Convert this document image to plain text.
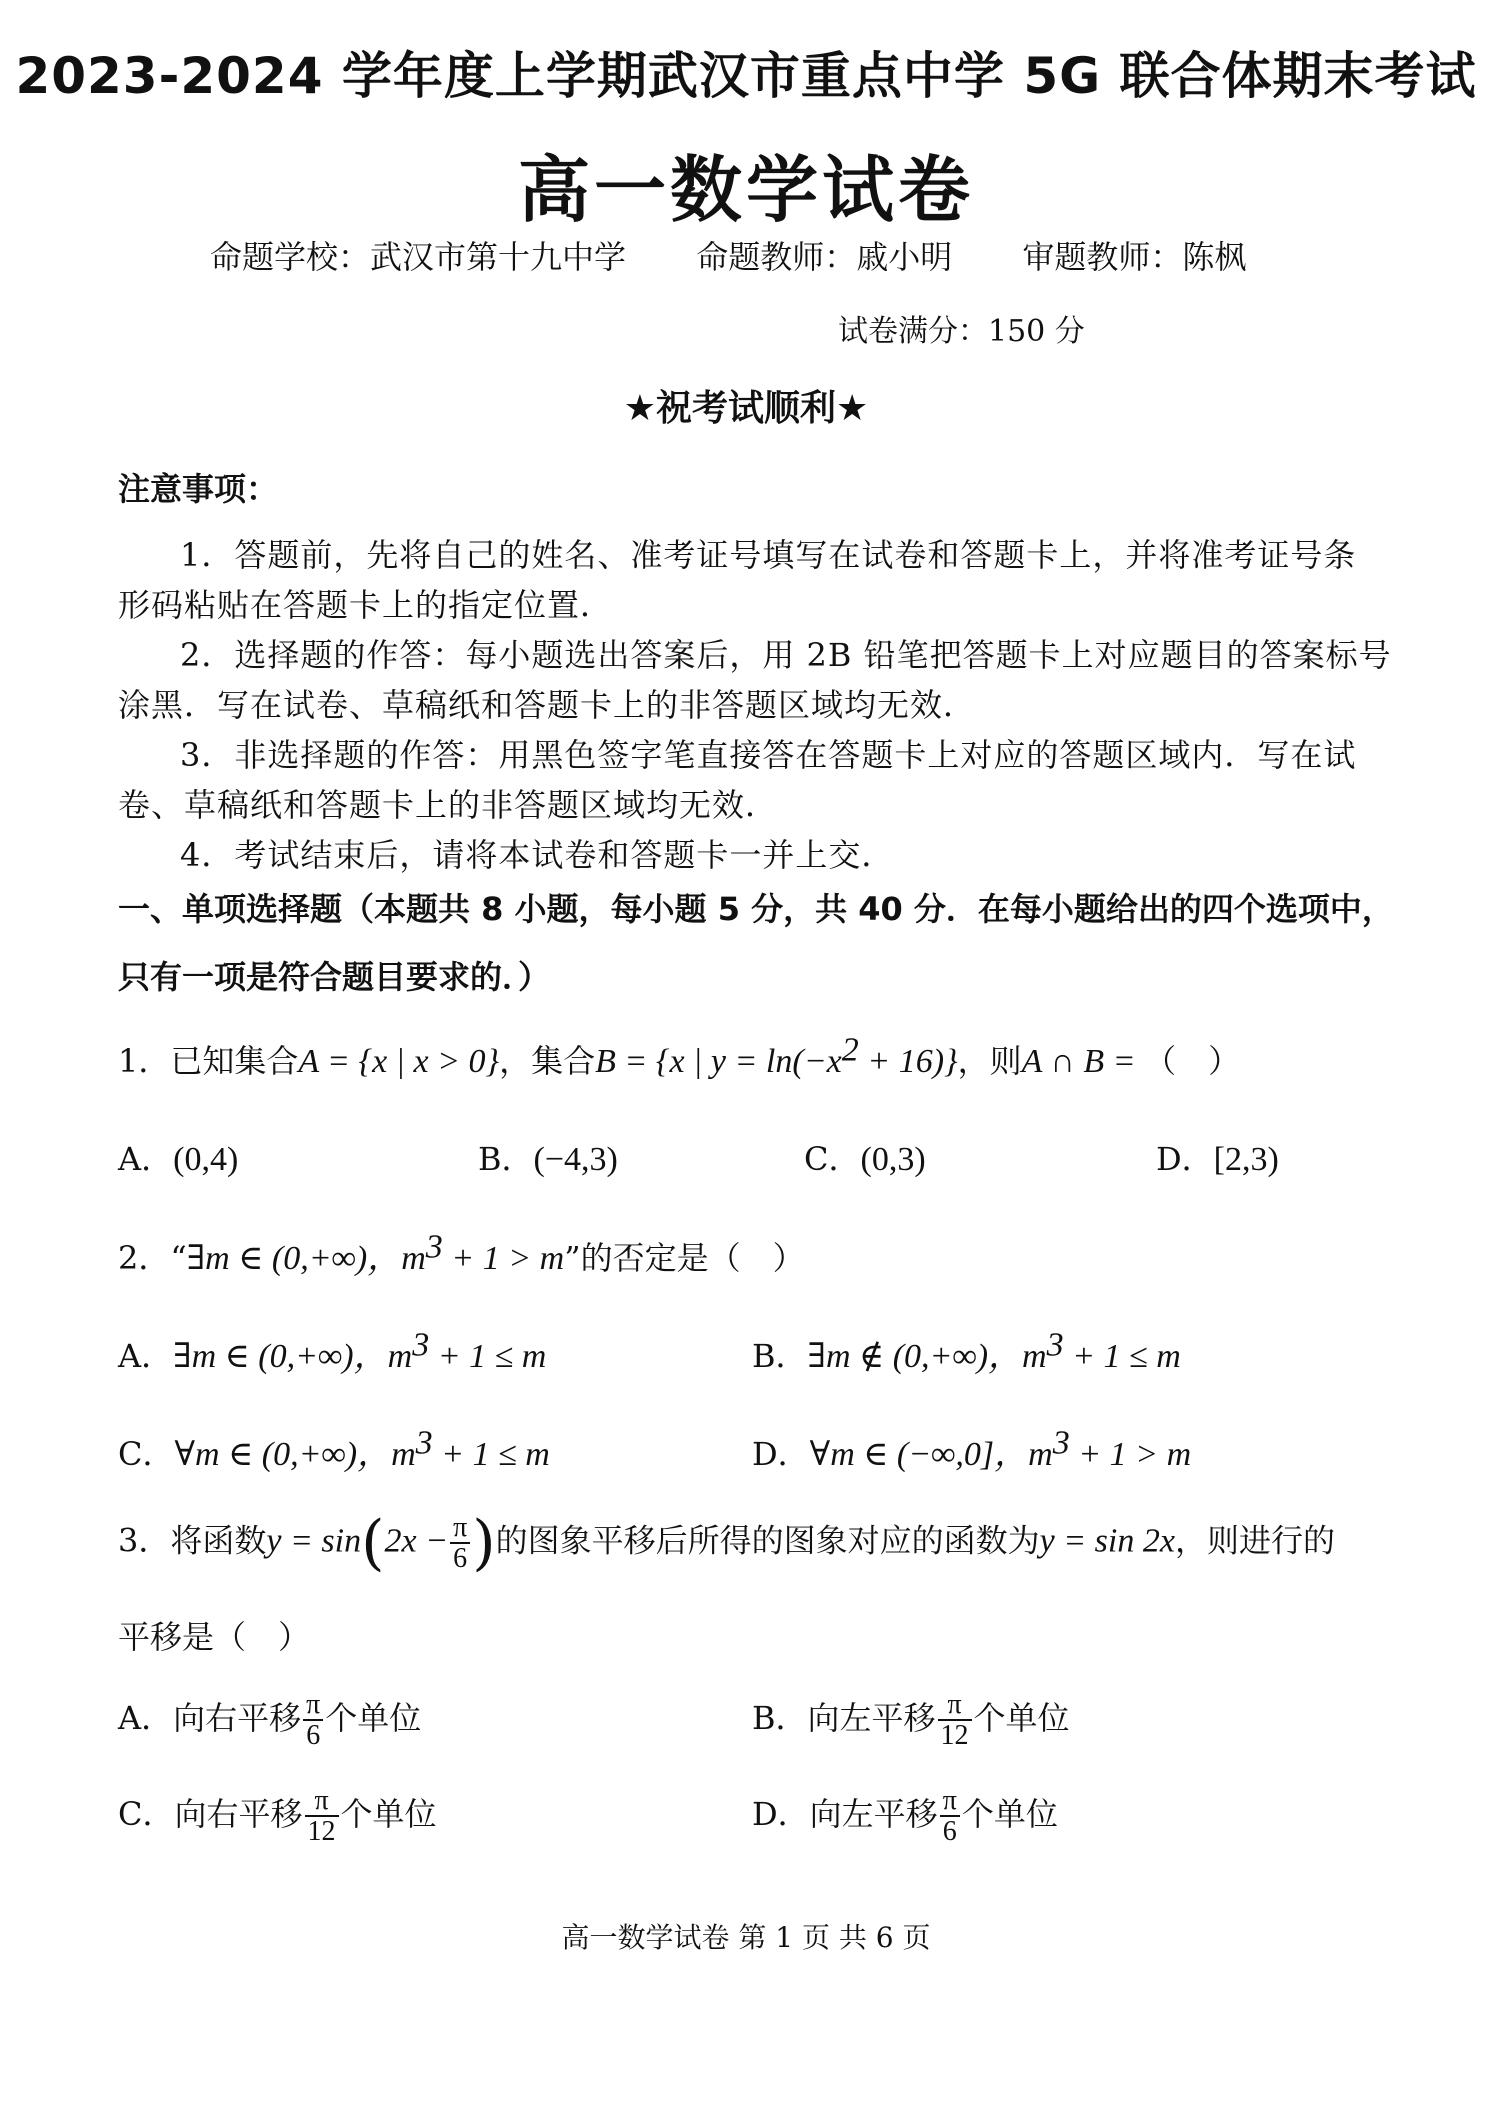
2023-2024 学年度上学期武汉市重点中学 5G 联合体期末考试
高一数学试卷
命题学校：武汉市第十九中学 命题教师：戚小明 审题教师：陈枫
试卷满分：150 分
★祝考试顺利★
注意事项：
1．答题前，先将自己的姓名、准考证号填写在试卷和答题卡上，并将准考证号条
形码粘贴在答题卡上的指定位置．
2．选择题的作答：每小题选出答案后，用 2B 铅笔把答题卡上对应题目的答案标号
涂黑．写在试卷、草稿纸和答题卡上的非答题区域均无效．
3．非选择题的作答：用黑色签字笔直接答在答题卡上对应的答题区域内．写在试
卷、草稿纸和答题卡上的非答题区域均无效．
4．考试结束后，请将本试卷和答题卡一并上交．
一、单项选择题（本题共 8 小题，每小题 5 分，共 40 分．在每小题给出的四个选项中，
只有一项是符合题目要求的．）
1．已知集合A = {x | x > 0}，集合B = {x | $y = \ln(-x^2 + 16)$}，则A ∩ B = （　）
A．(0,4)	B．(−4,3)	C．(0,3)	D．[2,3)
2．“∃m ∈ (0,+∞)，$m^3 + 1 > m$”的否定是（　）
A．∃m ∈ (0,+∞)，$m^3 + 1 \le m$	B．∃m ∉ (0,+∞)，$m^3 + 1 \le m$
C．∀m ∈ (0,+∞)，$m^3 + 1 \le m$	D．∀m ∈ (−∞,0]，$m^3 + 1 > m$
3．将函数$y = \sin(2x - \frac{\pi}{6}$ )的图象平移后所得的图象对应的函数为y = sin 2x，则进行的
平移是（　）
A．向右平移 $\frac{\pi}{6}$ 个单位	B．向左平移 $\frac{\pi}{12}$ 个单位
C．向右平移 $\frac{\pi}{12}$ 个单位	D．向左平移 $\frac{\pi}{6}$ 个单位
高一数学试卷 第 1 页 共 6 页
